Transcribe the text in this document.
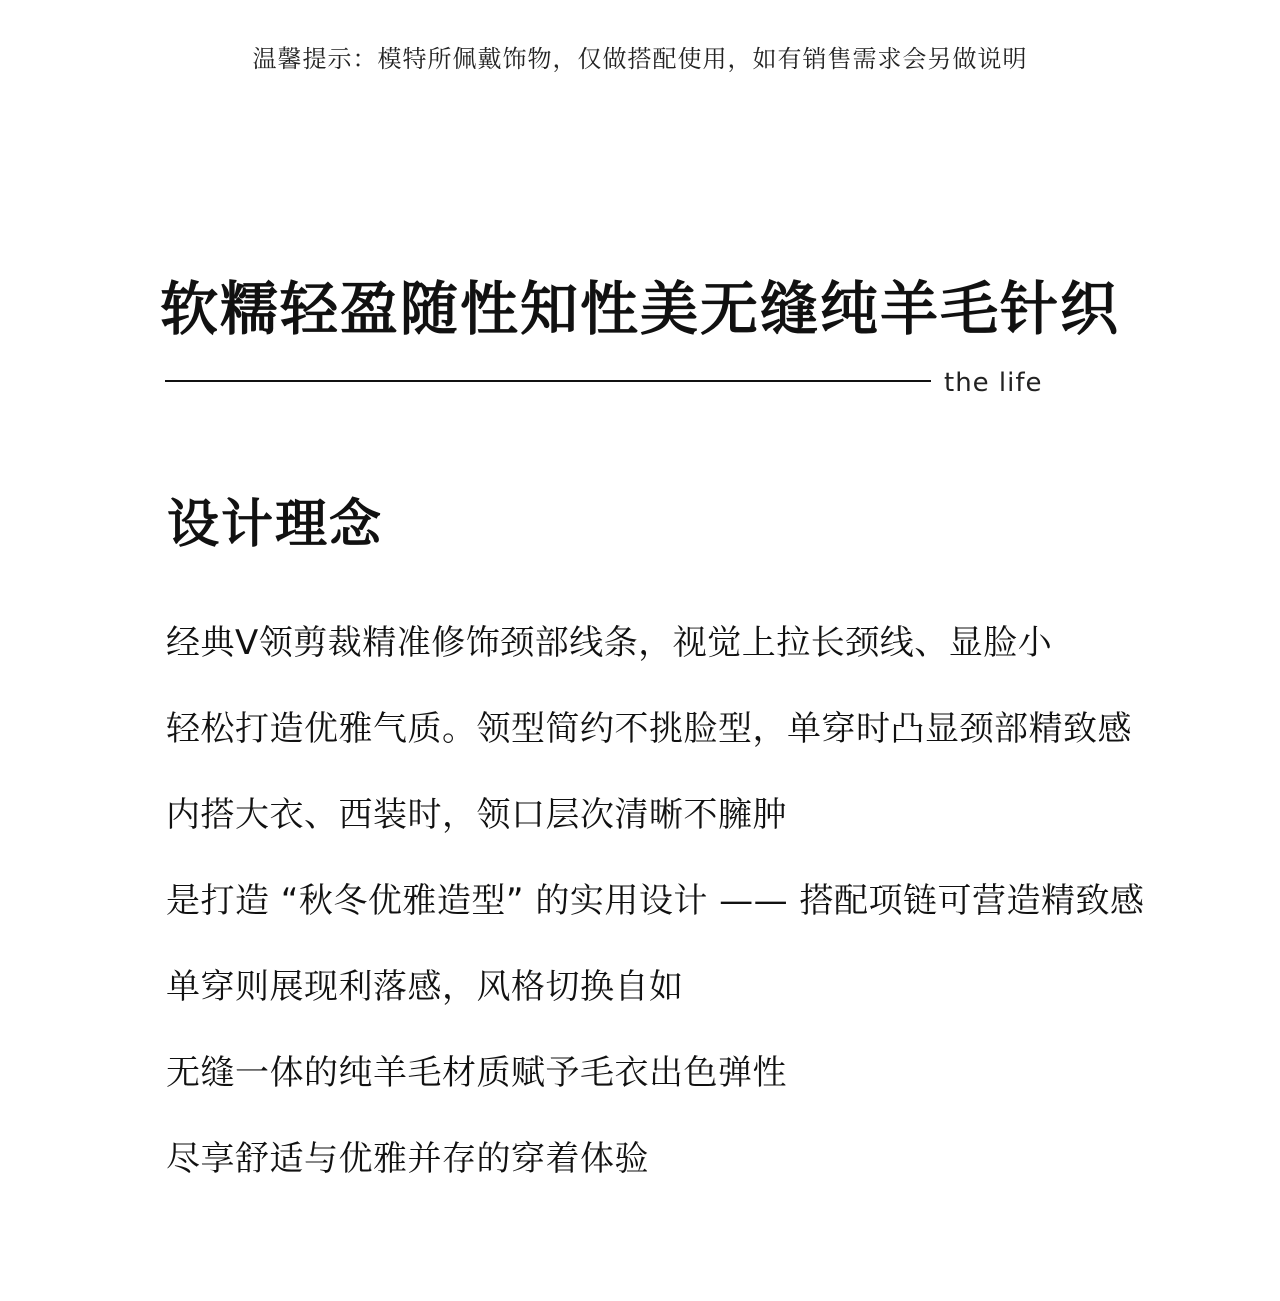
温馨提示：模特所佩戴饰物，仅做搭配使用，如有销售需求会另做说明
软糯轻盈随性知性美无缝纯羊毛针织
the life
设计理念
经典V领剪裁精准修饰颈部线条，视觉上拉长颈线、显脸小
轻松打造优雅气质。领型简约不挑脸型，单穿时凸显颈部精致感
内搭大衣、西装时，领口层次清晰不臃肿
是打造 “秋冬优雅造型” 的实用设计 —— 搭配项链可营造精致感
单穿则展现利落感，风格切换自如
无缝一体的纯羊毛材质赋予毛衣出色弹性
尽享舒适与优雅并存的穿着体验
